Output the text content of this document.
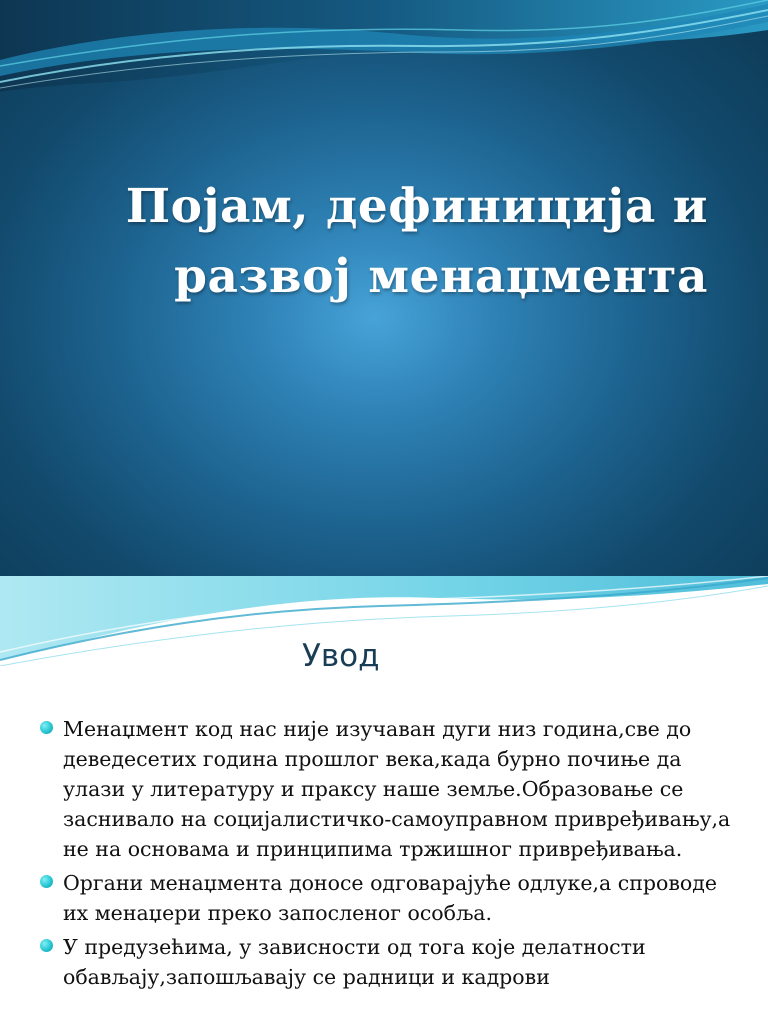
Појам, дефиниција и развој менаџмента
Увод
Менаџмент код нас није изучаван дуги низ година,све до деведесетих година прошлог века,када бурно почиње да улази у литературу и праксу наше земље.Образовање се заснивало на социјалистичко-самоуправном привређивању,а не на основама и принципима тржишног привређивања.
Органи менаџмента доносе одговарајуће одлуке,а спроводе их менаџери преко запосленог особља.
У предузећима, у зависности од тога које делатности обављају,запошљавају се радници и кадрови
